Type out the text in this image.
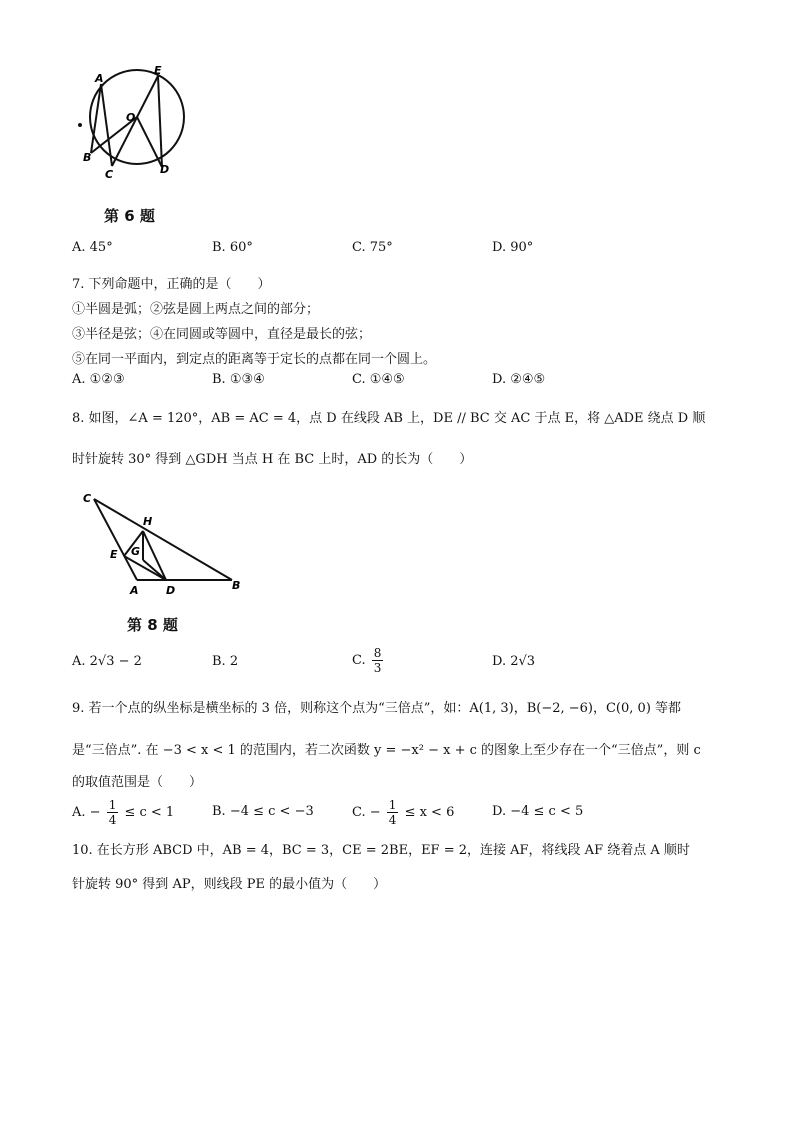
A
E
O
B
C	D
第 6 题
A. 45°	B. 60°	C. 75°	D. 90°
7. 下列命题中，正确的是（　　）
①半圆是弧；②弦是圆上两点之间的部分；
③半径是弦；④在同圆或等圆中，直径是最长的弦；
⑤在同一平面内，到定点的距离等于定长的点都在同一个圆上。
A. ①②③	B. ①③④	C. ①④⑤	D. ②④⑤
8. 如图，∠A = 120°，AB = AC = 4，点 D 在线段 AB 上，DE // BC 交 AC 于点 E，将 △ADE 绕点 D 顺
时针旋转 30° 得到 △GDH 当点 H 在 BC 上时，AD 的长为（　　）
C
H
G
E
A D	B
第 8 题
A. 2√3 − 2	B. 2	C. $\frac{8}{3}$	D. 2√3
9. 若一个点的纵坐标是横坐标的 3 倍，则称这个点为“三倍点”，如：A(1, 3)，B(−2, −6)，C(0, 0) 等都
是“三倍点”. 在 −3 < x < 1 的范围内，若二次函数 y = −x² − x + c 的图象上至少存在一个“三倍点”，则 c
的取值范围是（　　）
A. − $\frac{1}{4} \le c < 1$	B. −4 ≤ c < −3	C. − $\frac{1}{4} \le x < 6$	D. −4 ≤ c < 5
10. 在长方形 ABCD 中，AB = 4，BC = 3，CE = 2BE，EF = 2，连接 AF，将线段 AF 绕着点 A 顺时
针旋转 90° 得到 AP，则线段 PE 的最小值为（　　）
